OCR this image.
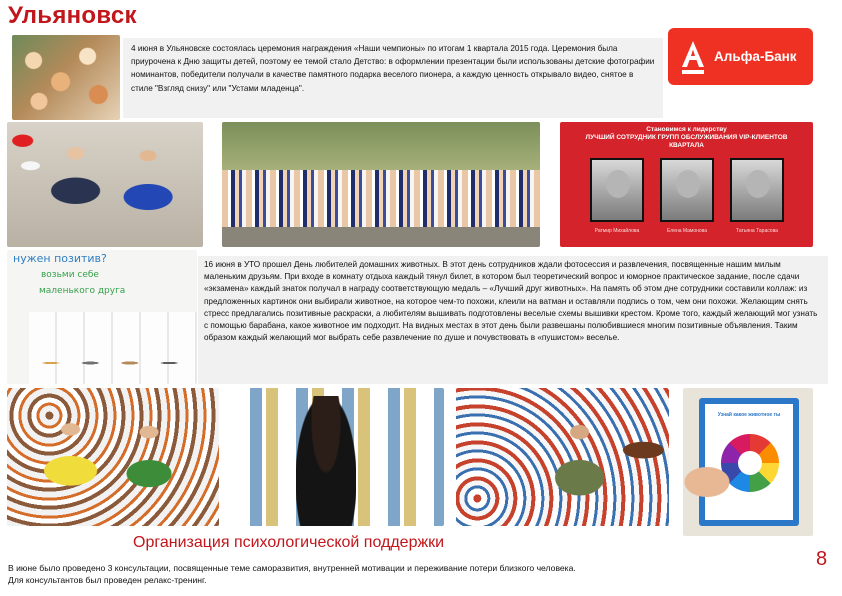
Ульяновск
4 июня в Ульяновске состоялась церемония награждения «Наши чемпионы» по итогам 1 квартала 2015 года. Церемония была приурочена к Дню защиты детей, поэтому ее темой стало Детство: в оформлении презентации были использованы детские фотографии номинантов, победители получали в качестве памятного подарка веселого пионера, а каждую ценность открывало видео, снятое в стиле "Взгляд снизу" или "Устами младенца".
Альфа-Банк
Становимся к лидерству
ЛУЧШИЙ СОТРУДНИК ГРУПП ОБСЛУЖИВАНИЯ VIP-КЛИЕНТОВ
КВАРТАЛА
Ратмир Михайлова	Елена Мамонова	Татьяна Тарасова
нужен позитив?
возьми себе
маленького друга
16 июня в УТО прошел День любителей домашних животных. В этот день сотрудников ждали фотосессия и развлечения, посвященные нашим милым маленьким друзьям. При входе в комнату отдыха каждый тянул билет, в котором был теоретический вопрос и юморное практическое задание, после сдачи «экзамена» каждый знаток получал в награду соответствующую медаль – «Лучший друг животных». На память об этом дне сотрудники составили коллаж: из предложенных картинок они выбирали животное, на которое чем-то похожи, клеили на ватман и оставляли подпись о том, чем они похожи. Желающим снять стресс предлагались позитивные раскраски, а любителям вышивать подготовлены веселые схемы вышивки крестом. Кроме того, каждый желающий мог узнать с помощью барабана, какое животное им подходит. На видных местах в этот день были развешаны полюбившиеся многим позитивные объявления. Таким образом каждый желающий мог выбрать себе развлечение по душе и почувствовать в «пушистом» веселье.
Узнай какое животное ты
Организация психологической поддержки
В июне было проведено 3 консультации, посвященные теме саморазвития, внутренней мотивации и переживание потери близкого человека.
Для консультантов был проведен релакс-тренинг.
8
